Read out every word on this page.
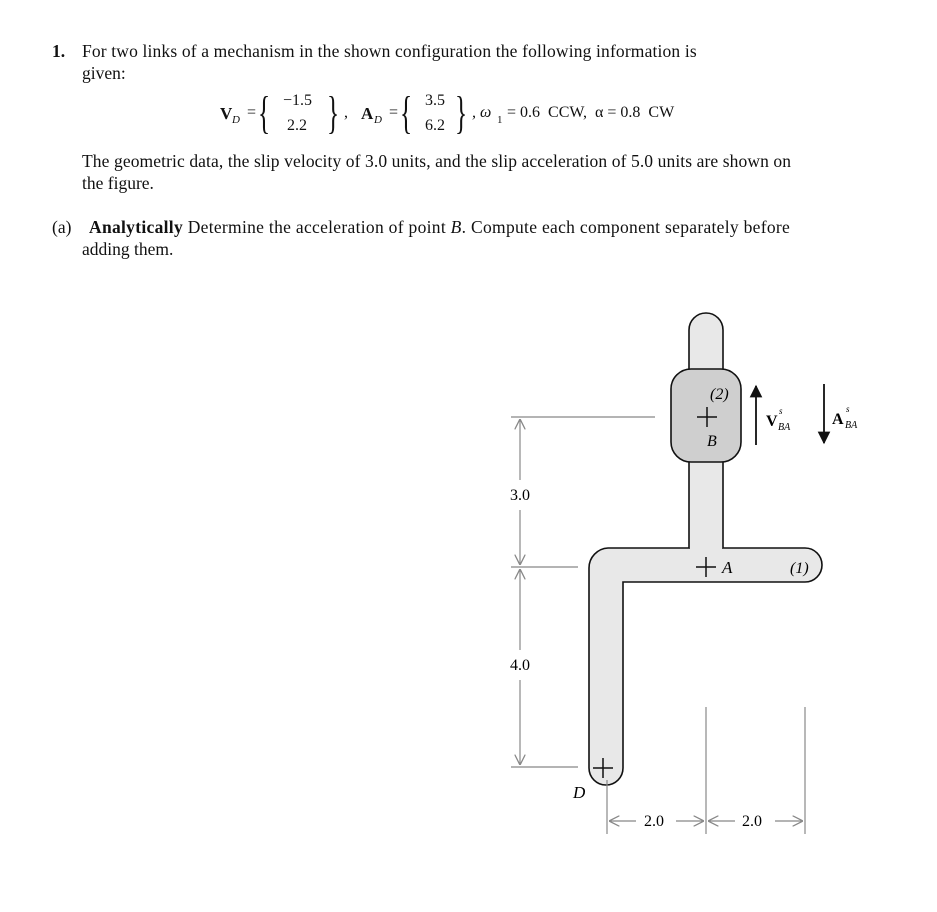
1. For two links of a mechanism in the shown configuration the following information is
given:
V D = { −1.5
2.2 } , A D = { 3.5
6.2 } , ω 1 = 0.6  CCW,  α = 0.8  CW
The geometric data, the slip velocity of 3.0 units, and the slip acceleration of 5.0 units are shown on
the figure.
(a) Analytically Determine the acceleration of point B. Compute each component separately before
adding them.
(2)
B
A	(1)
D
V
s
BA	A
s
BA
3.0
4.0
2.0	2.0
